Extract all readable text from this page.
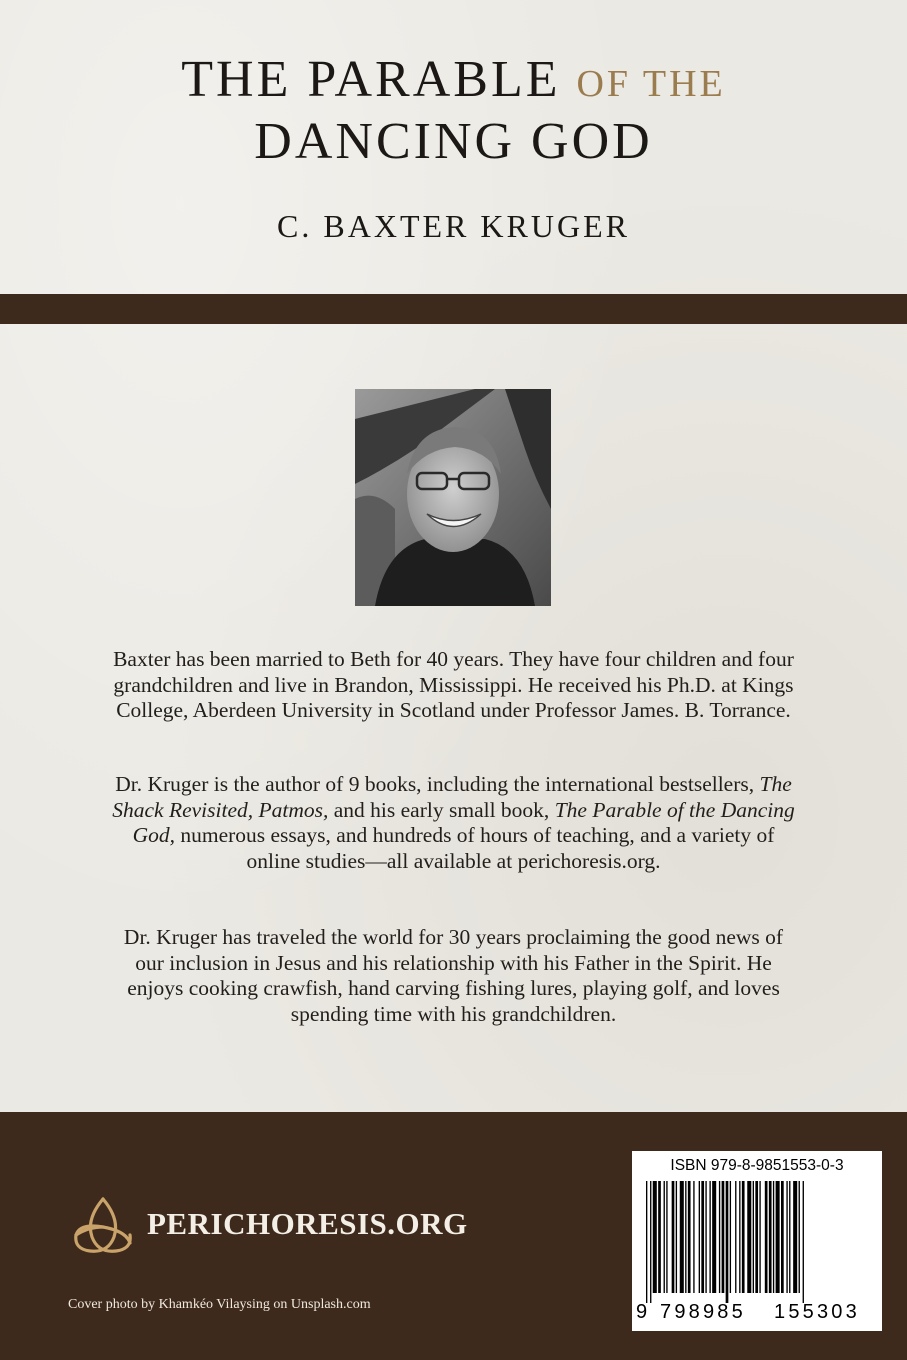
THE PARABLE OF THE
DANCING GOD
C. BAXTER KRUGER
Baxter has been married to Beth for 40 years. They have four children and four grandchildren and live in Brandon, Mississippi. He received his Ph.D. at Kings College, Aberdeen University in Scotland under Professor James. B. Torrance.
Dr. Kruger is the author of 9 books, including the international bestsellers, The Shack Revisited, Patmos, and his early small book, The Parable of the Dancing God, numerous essays, and hundreds of hours of teaching, and a variety of online studies—all available at perichoresis.org.
Dr. Kruger has traveled the world for 30 years proclaiming the good news of our inclusion in Jesus and his relationship with his Father in the Spirit. He enjoys cooking crawfish, hand carving fishing lures, playing golf, and loves spending time with his grandchildren.
PERICHORESIS.ORG
Cover photo by Khamkéo Vilaysing on Unsplash.com
ISBN 979-8-9851553-0-3
9 798985 155303
